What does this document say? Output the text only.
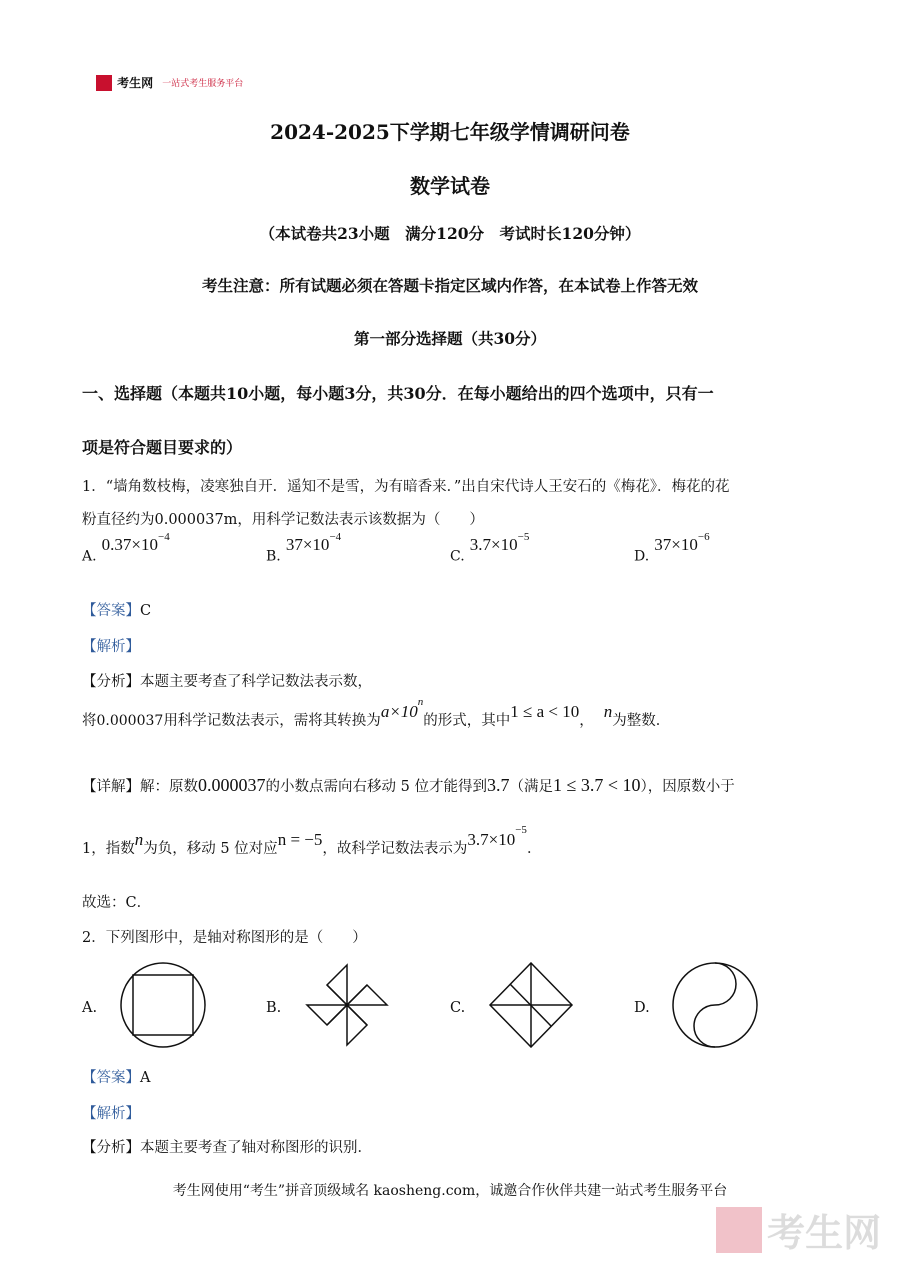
考生网 一站式考生服务平台
2024-2025下学期七年级学情调研问卷
数学试卷
（本试卷共23小题　满分120分　考试时长120分钟）
考生注意：所有试题必须在答题卡指定区域内作答，在本试卷上作答无效
第一部分选择题（共30分）
一、选择题（本题共10小题，每小题3分，共30分．在每小题给出的四个选项中，只有一
项是符合题目要求的）
1．“墙角数枝梅，凌寒独自开．遥知不是雪，为有暗香来．”出自宋代诗人王安石的《梅花》．梅花的花
粉直径约为0.000037m，用科学记数法表示该数据为（　　）
A. $0.37\times 10^{-4}$
B. $37\times 10^{-4}$
C. $3.7\times 10^{-5}$
D. $37\times 10^{-6}$
【答案】C
【解析】
【分析】本题主要考查了科学记数法表示数，
将0.000037用科学记数法表示，需将其转换为$a\times 10^n$的形式，其中1 ≤ a < 10， n为整数．
【详解】解：原数0.000037的小数点需向右移动 5 位才能得到3.7（满足1 ≤ 3.7 < 10），因原数小于
1，指数n为负，移动 5 位对应n = −5，故科学记数法表示为$3.7\times 10^{-5}$．
故选：C．
2．下列图形中，是轴对称图形的是（　　）
A.	B.	C.	D.
【答案】A
【解析】
【分析】本题主要考查了轴对称图形的识别．
考生网使用“考生”拼音顶级域名 kaosheng.com，诚邀合作伙伴共建一站式考生服务平台
考生网
